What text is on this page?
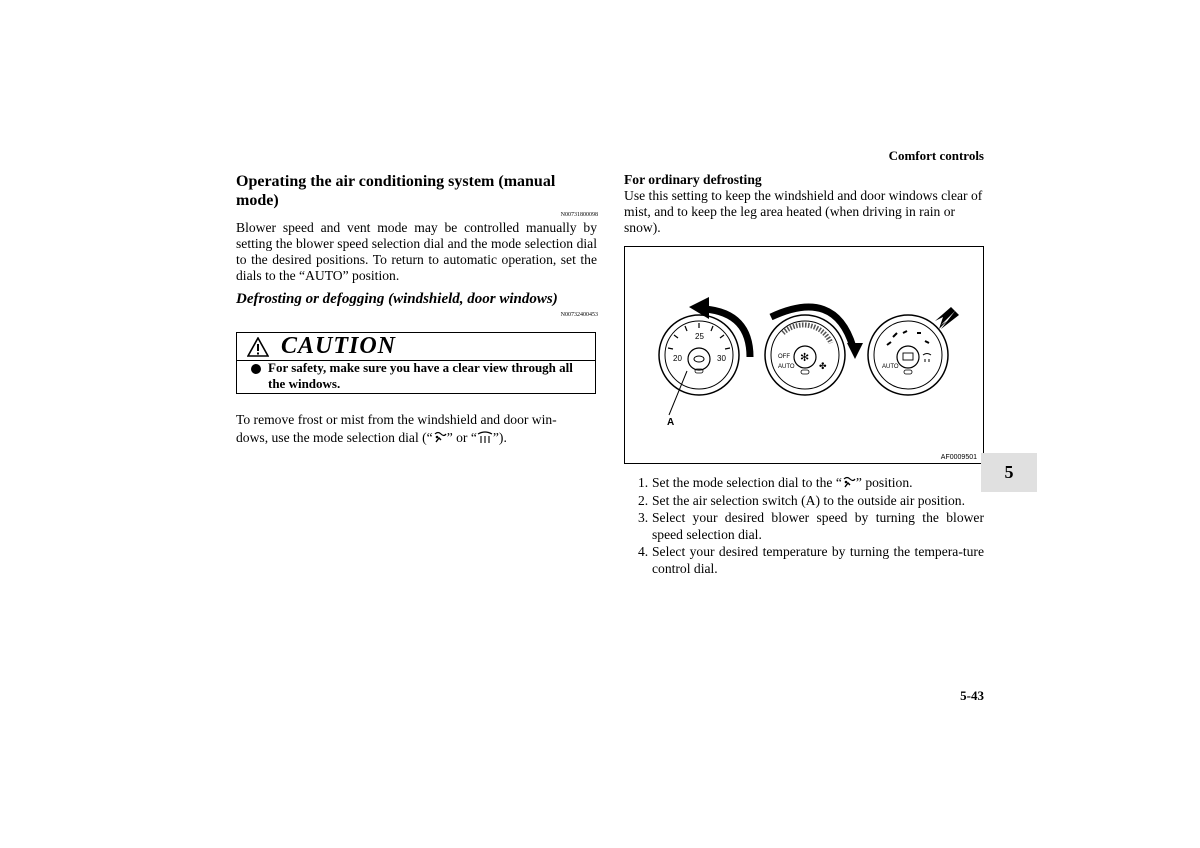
Comfort controls
Operating the air conditioning system (manual mode)
N00731800098
Blower speed and vent mode may be controlled manually by setting the blower speed selection dial and the mode selection dial to the desired positions. To return to automatic operation, set the dials to the “AUTO” position.
Defrosting or defogging (windshield, door windows)
N00732400453
CAUTION
For safety, make sure you have a clear view through all the windows.
To remove frost or mist from the windshield and door win-
dows, use the mode selection dial (“ ” or “ ”).
For ordinary defrosting
Use this setting to keep the windshield and door windows clear of mist, and to keep the leg area heated (when driving in rain or snow).
25
20	30
A
✻
OFF
AUTO	✤	AUTO
AF0009501
1. Set the mode selection dial to the “ ” position.
2. Set the air selection switch (A) to the outside air position.
3. Select your desired blower speed by turning the blower speed selection dial.
4. Select your desired temperature by turning the tempera-ture control dial.
5
5-43
